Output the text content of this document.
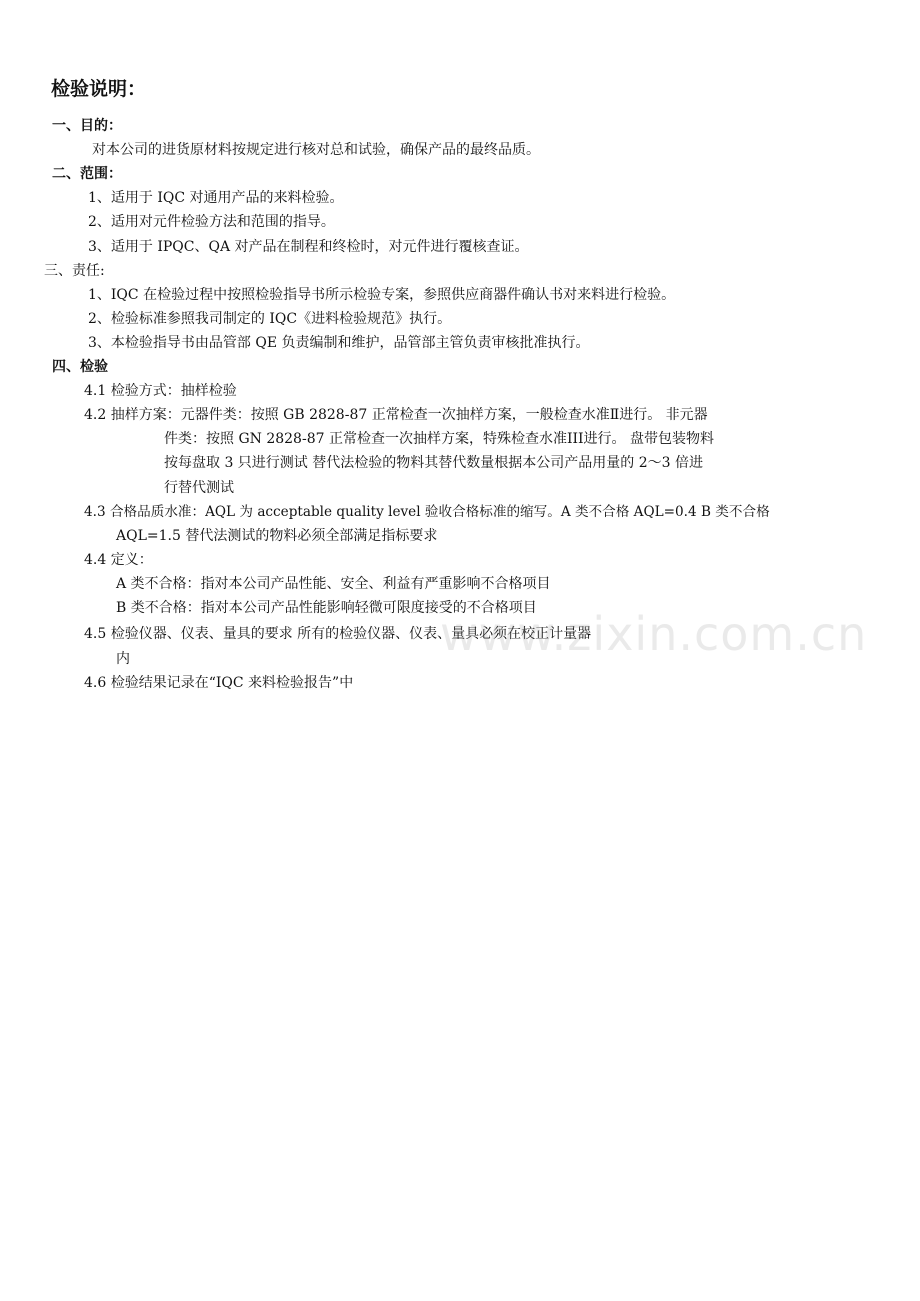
检验说明：
一、目的：
对本公司的进货原材料按规定进行核对总和试验，确保产品的最终品质。
二、范围：
1、适用于 IQC 对通用产品的来料检验。
2、适用对元件检验方法和范围的指导。
3、适用于 IPQC、QA 对产品在制程和终检时，对元件进行覆核查证。
三、责任:
1、IQC 在检验过程中按照检验指导书所示检验专案，参照供应商器件确认书对来料进行检验。
2、检验标准参照我司制定的 IQC《进料检验规范》执行。
3、本检验指导书由品管部 QE 负责编制和维护，品管部主管负责审核批准执行。
四、检验
4.1 检验方式：抽样检验
4.2 抽样方案：元器件类：按照 GB 2828-87 正常检查一次抽样方案，一般检查水准Ⅱ进行。 非元器
件类：按照 GN 2828-87 正常检查一次抽样方案，特殊检查水准III进行。 盘带包装物料
按每盘取 3 只进行测试 替代法检验的物料其替代数量根据本公司产品用量的 2～3 倍进
行替代测试
4.3 合格品质水准：AQL 为 acceptable quality level 验收合格标准的缩写。A 类不合格 AQL=0.4 B 类不合格
AQL=1.5 替代法测试的物料必须全部满足指标要求
4.4 定义：
A 类不合格：指对本公司产品性能、安全、利益有严重影响不合格项目
B 类不合格：指对本公司产品性能影响轻微可限度接受的不合格项目
4.5 检验仪器、仪表、量具的要求 所有的检验仪器、仪表、量具必须在校正计量器
内
4.6 检验结果记录在“IQC 来料检验报告”中
www.zixin.com.cn
